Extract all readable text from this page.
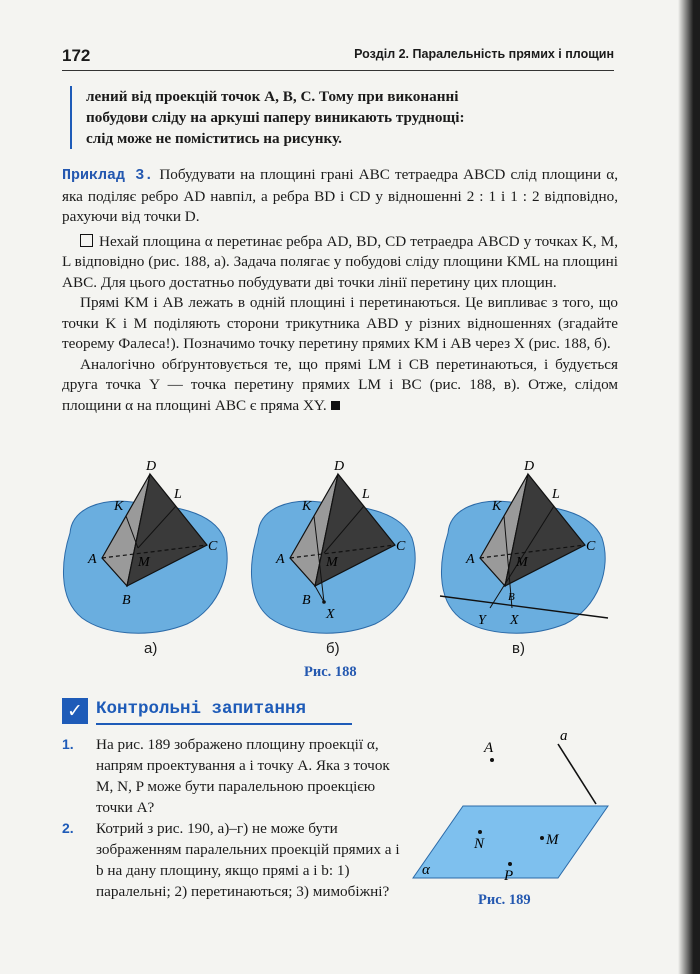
172	Розділ 2. Паралельність прямих і площин

лений від проекцій точок A, B, C. Тому при виконанні

побудови сліду на аркуші паперу виникають труднощі:

слід може не поміститись на рисунку.

Приклад 3. Побудувати на площині грані ABC тетраедра ABCD слід площини α, яка поділяє ребро AD навпіл, а ребра BD і CD у відношенні 2 : 1 і 1 : 2 відповідно, рахуючи від точки D.

Нехай площина α перетинає ребра AD, BD, CD тетраедра ABCD у точках K, M, L відповідно (рис. 188, а). Задача полягає у побудові сліду площини KML на площині ABC. Для цього достатньо побудувати дві точки лінії перетину цих площин.

Прямі KM і AB лежать в одній площині і перетинаються. Це випливає з того, що точки K і M поділяють сторони трикутника ABD у різних відношеннях (згадайте теорему Фалеса!). Позначимо точку перетину прямих KM і AB через X (рис. 188, б).

Аналогічно обґрунтовується те, що прямі LM і CB перетинаються, і будується друга точка Y — точка перетину прямих LM і BC (рис. 188, в). Отже, слідом площини α на площині ABC є пряма XY.

D
K
L
A
C
M
B
D
K
L
A
C
M
B
X
D
K
L
A
C
M
B
Y X
а)	б)	в)
Рис. 188
✓ Контрольні запитання
1. На рис. 189 зображено площину проекції α, напрям проектування a і точку A. Яка з точок M, N, P може бути паралельною проекцією точки A?
2. Котрий з рис. 190, а)–г) не може бути зображенням паралельних проекцій прямих a і b на дану площину, якщо прямі a і b: 1) паралельні; 2) перетинаються; 3) мимобіжні?
A
a
N	M
P
α
Рис. 189
